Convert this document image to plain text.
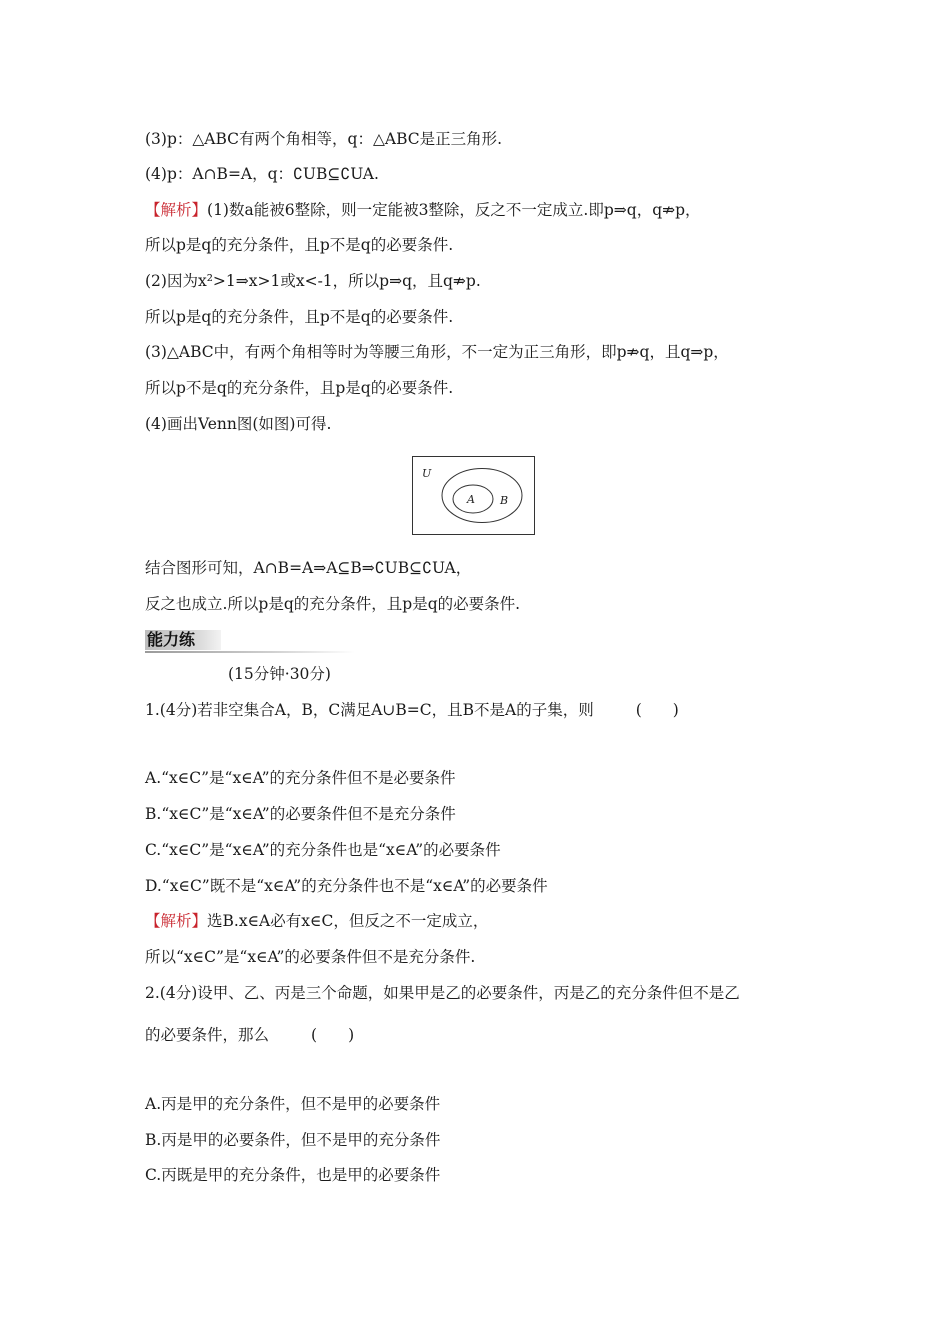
(3)p：△ABC有两个角相等，q：△ABC是正三角形.
(4)p：A∩B=A，q：∁UB⊆∁UA.
【解析】(1)数a能被6整除，则一定能被3整除，反之不一定成立.即p⇒q，q⇏p，
所以p是q的充分条件，且p不是q的必要条件.
(2)因为x²>1⇒x>1或x<-1，所以p⇒q，且q⇏p.
所以p是q的充分条件，且p不是q的必要条件.
(3)△ABC中，有两个角相等时为等腰三角形，不一定为正三角形，即p⇏q，且q⇒p，
所以p不是q的充分条件，且p是q的必要条件.
(4)画出Venn图(如图)可得.
U
A B
结合图形可知，A∩B=A⇒A⊆B⇒∁UB⊆∁UA，
反之也成立.所以p是q的充分条件，且p是q的必要条件.
能力练
(15分钟·30分)
1.(4分)若非空集合A，B，C满足A∪B=C，且B不是A的子集，则	(　　)
A.“x∈C”是“x∈A”的充分条件但不是必要条件
B.“x∈C”是“x∈A”的必要条件但不是充分条件
C.“x∈C”是“x∈A”的充分条件也是“x∈A”的必要条件
D.“x∈C”既不是“x∈A”的充分条件也不是“x∈A”的必要条件
【解析】选B.x∈A必有x∈C，但反之不一定成立，
所以“x∈C”是“x∈A”的必要条件但不是充分条件.
2.(4分)设甲、乙、丙是三个命题，如果甲是乙的必要条件，丙是乙的充分条件但不是乙
的必要条件，那么	(　　)
A.丙是甲的充分条件，但不是甲的必要条件
B.丙是甲的必要条件，但不是甲的充分条件
C.丙既是甲的充分条件，也是甲的必要条件
